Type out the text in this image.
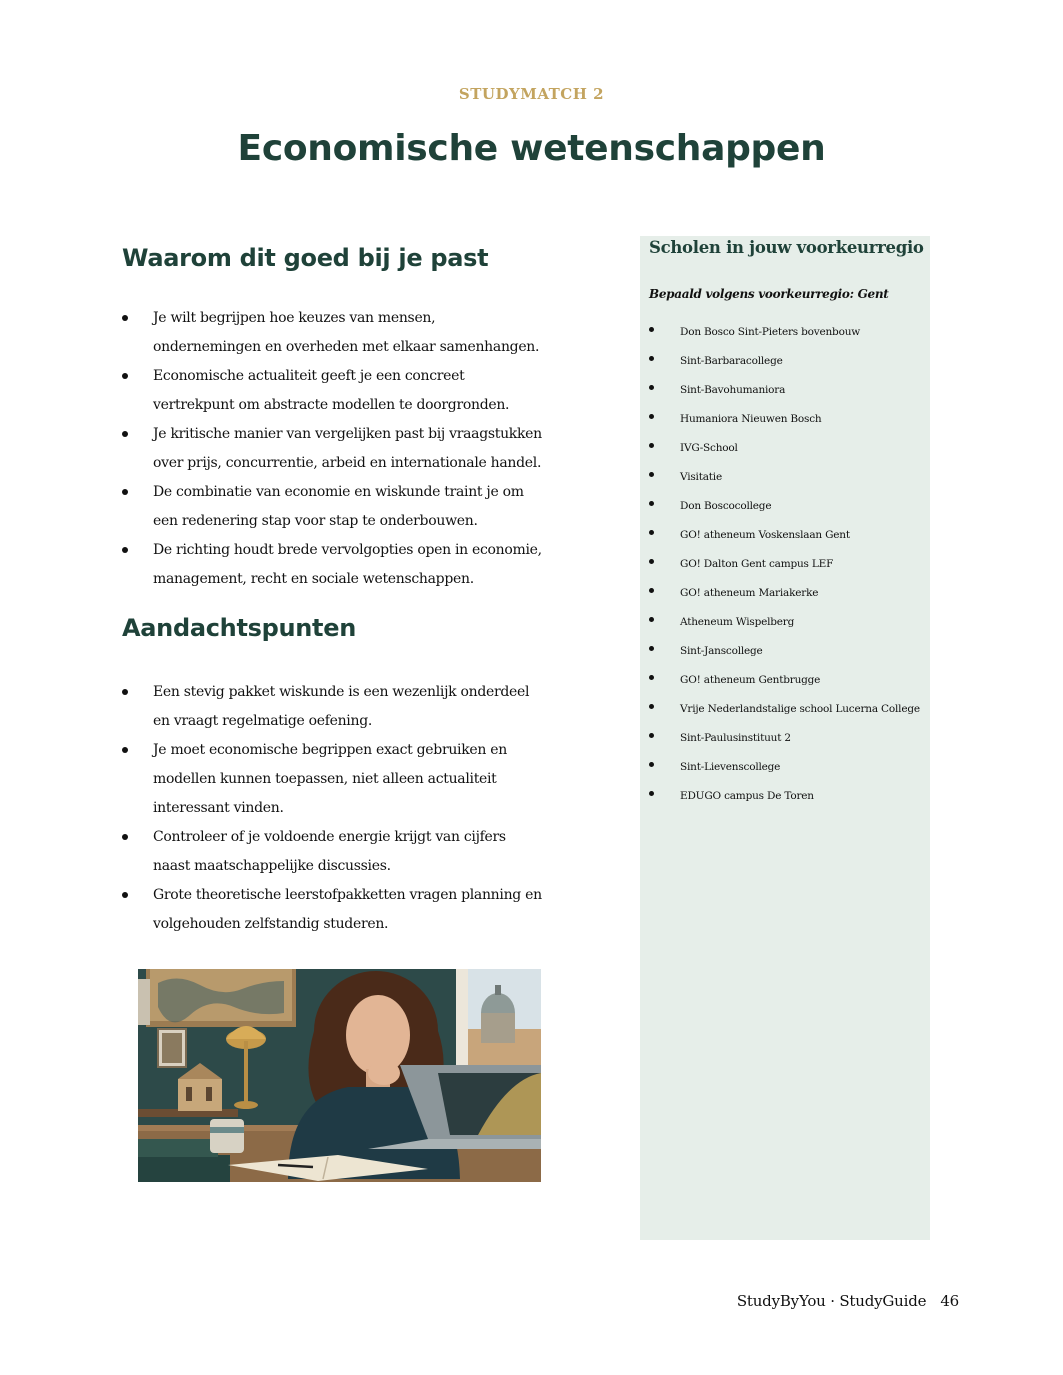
STUDYMATCH 2
Economische wetenschappen
Waarom dit goed bij je past
Je wilt begrijpen hoe keuzes van mensen, ondernemingen en overheden met elkaar samenhangen.
Economische actualiteit geeft je een concreet vertrekpunt om abstracte modellen te doorgronden.
Je kritische manier van vergelijken past bij vraagstukken over prijs, concurrentie, arbeid en internationale handel.
De combinatie van economie en wiskunde traint je om een redenering stap voor stap te onderbouwen.
De richting houdt brede vervolgopties open in economie, management, recht en sociale wetenschappen.
Aandachtspunten
Een stevig pakket wiskunde is een wezenlijk onderdeel en vraagt regelmatige oefening.
Je moet economische begrippen exact gebruiken en modellen kunnen toepassen, niet alleen actualiteit interessant vinden.
Controleer of je voldoende energie krijgt van cijfers naast maatschappelijke discussies.
Grote theoretische leerstofpakketten vragen planning en volgehouden zelfstandig studeren.
Scholen in jouw voorkeurregio
Bepaald volgens voorkeurregio: Gent
Don Bosco Sint-Pieters bovenbouw
Sint-Barbaracollege
Sint-Bavohumaniora
Humaniora Nieuwen Bosch
IVG-School
Visitatie
Don Boscocollege
GO! atheneum Voskenslaan Gent
GO! Dalton Gent campus LEF
GO! atheneum Mariakerke
Atheneum Wispelberg
Sint-Janscollege
GO! atheneum Gentbrugge
Vrije Nederlandstalige school Lucerna College
Sint-Paulusinstituut 2
Sint-Lievenscollege
EDUGO campus De Toren
StudyByYou · StudyGuide 46
